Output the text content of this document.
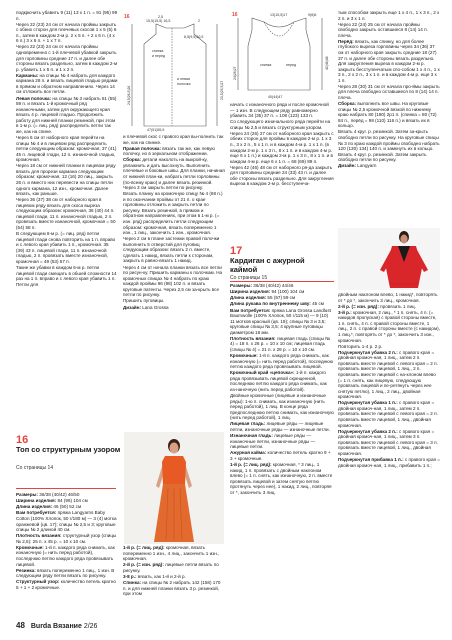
подкрючить убавить 9 (11) 13 х 1 п. = 91 (95) 99 п.

Через 22 (23) 24 см от начала проймы закрыть с обеих сторон для плечевых скосов 1 х 5 (5) 6 п., затем в каждом 2-м р. 2 х 5 п. + 2 х 6 п. (4 х 6 п.) 3 х 6 п. + 1 х 7 п.

Через 22 (23) 24 см от начала проймы одновременно с 1-й плечевой убавкой закрыть для горловины средние 17 п. и далее обе стороны вязать раздельно, затем в каждом 2-м р. убавить 1 х 5 п. и 1 х 2 п.

Карманы: на спицы № 4 набрать для каждого кармана 28 п. и вязать лицевой гладью рядами в прямом и обратном направлениях. Через 14 см отложить все петли.

Левая полочка: на спицы № 3 набрать 51 (55) 59 п. и вязать 1-й кромочный ряд изнаночными, затем для окружающего края вязать 4 р. лицевой гладью. Продолжить работу для нижней планки резинкой, при этом в 1-м р. (= лиц. ряд) распределить петли так же, как на спине.

Через 6 см от наборного края перейти на спицы № 4 и в лицевом ряд распределить петли следующим образом: кромочная, 37 (41) 45 п. лицевой глади, 12 п. изнаночной гладью, кромочная.

Через 18 см от нижней планки в лицевом ряду вязать для прорези кармана следующим образом: кромочная, 12 (16) 20 лиц., закрыть 26 п. и вместо них перевести на спицы петли одного кармана, 12 изн., кромочная. Далее вязать, как раньше.

Через 36 (37) 38 см от наборного края в лицевом ряду вязать для скоса выреза следующим образом: кромочная, 36 (40) 44 п. лицевой глади, 11 п. изнаночной гладью, 2 п. провязать вместе изнаночной, кромочная = 50 (54) 58 п.

В следующем 6-м р. (= лиц. ряд) петли лицевой глади снова повторить на 1 п. вправо и с левого края убавить 1 п., кромочная. 35 (39) 43 п. лицевой глади, 11 п. изнаночной гладью, 2 п. провязать вместе изнаночной, кромочная = 49 (53) 57 п.

Такие же убавки в каждом 6-м р. петли лицевой глади смещать в обшей сложности 14 раз на 1 п. вправо и с левого края убавить 1 п. Петли для

16
спинка
и перед
и левая
полочка
2,5
15,5(15,5) 16,5	2
8,5(9,5)10,5
47(51)55,5
24,5(26,5)26	23,5(25,5)27

и плечевой скос с правого края вы-полнить так же, как на спинке.

Правая полочка: вязать так же, как левую полочку, но в зеркальном отображении.

Сборка: детали наколоть на выкрой-ку, увлажнить и дать высохнуть. Выполнить плечевые и боковые швы. Для планки, начиная от нижней план-ки, набрать петли горловины (по-всему краю) и далее вязать резинкой. Через 3 см закрыть петли по рисунку.

Вязать планку на кромочную спицу № 4 (68 п.) и по окончании проймы от 21 п. о крае горловины отложить и закрыть петли по рисунку. Вязать резинкой, в прямом и обратном направлениях, при этом в 1-м р. (= изн. ряд) распределить петли следующим образом: кромочная, вязать попеременно 1 изн., 1 лиц., закончить 1 изн., кромочная.

Через 2 см в плане застежки правой полочки выполнить 5 отверстий для пуговиц следующим образом: вязать 2 п. вместе, сделать 1 накид, вязать петли к сторонам, закрыть в равно-вязать 1 накид.

Через 4 см от начала планки вязать все петли по рисун-ку. Пришить карманы к полочкам. На кромочных спицах № 4 набрать по краю каждой проймы 96 (98) 102 п. и вязать круговые патенты. Через 2,5 см за-крыть все петли по рисунку.

Пришить пуговицы.

Дизайн: Lana Grossa

16
спинка	перед
13(15,5)17	9(6)6
40(44)47
24(26)27
42(46)48

начать с изнаночного ряда и после кромочной — 1 изн. В следующем ряду равномерно убавить 34 (35) 37 п. = 108 (123) 133 п.

Со следующего изначального ряда перейти на спицы № 2,5 и вязать структурным узором.

Через 24 (26) 27 см от наборного края закрыть с обеих сторон для проймы в каждом 2-м р. 1 х 3 п., 3 х 2 п., 5 х 1 п. и в каждом 4-м р. 1 х 1 п. (в каждом 2-м р. 1 х 3 п., 8 х 1 п. и в каждом 4-м р. еще 6 х 1 п.) и каждом 2-м р. 1 х 3 п., 8 х 1 п. и в каждом 4-м р. еще 6 х 1 п. = 68 (69) 89 п.

Через 42 (46) 48 см от наборного ря-да закрыть для горловины средние 24 (33) 43 п. и далее обе стороны вязать раздельно. Для закругления выреза в каждом 2-м р. бесступенча-

тым способом закрыть еще 1 х 4 п., 1 х 3 п., 2 х 2 п. и 3 х 1 п.

Через 22 (24) 25 см от начала проймы свободно закрыть оставшиеся 8 (14) 14 п. плеча.

Перёд: вязать, как спинку, но для более глубокого выреза горловины через 34 (36) 37 см от наборного края закрыть средние 18 (27) 37 п. и далее обе стороны вязать раздельно. Для закругления выреза в каждом 2-м р. закрыть бесступенчатым спо-собом 1 х 4 п., 1 х 3 п., 2 х 2 п., 3 х 1 п. и в каждом 4-м р. еще 3 х 1 п.

Через 28 (30) 31 см от начала про-ймы закрыть для плеча свободно оставшиеся по 8 (14) 14 п. плеча.

Сборка: выполнить все швы. На круговые спицы № 2,5 кромочной вязкой по нижнему краю набрать 80 (180) 2р1 п. (спинка = 80 (72) 84 п., перёд = 98 (110) 116 п.) и вязать их в кольцо.

Вязать 4 круг. р. резинкой. Затем за-крыть свободно петли по рисунку. На круговые спицы № 3 по краю каждой проймы свободно набрать 120 (130) 134) 140 п. и замкнуть их в кольцо. Вязать 4 круг. р. резинкой. Затем закрыть свободно петли по рисунку.

Дизайн: Langyarn

16
Топ со структурным узором
Со страницы 14

Размеры: 36/38 (40/42) 46/50

Ширина изделия: 84 (96) 104 см

Длина изделия: 46 (50) 52 см

Вам потребуется: пряжа Langyarns Baby Cotton (100% Хлопок, 50 г/180 м) — 3 (4) мотка оранжевой (цв. 17); спицы № 2,5 и 3; круговые спицы № 2 длиной 40 см.

Плотность вязания: структурный узор (спицы № 2,5): 25 п. х 45 р. = 10 х 10 см.

Кромочные: 1-й п. каждого ряда снимать, как изнаночную (= нить перед работой), последнюю петлю каждого ряда провязывать лицевой.

Резинка: вязать попеременно 1 лиц., 1 изн. В следующем ряду петли вязать по рисунку.

Структурный узор: количество петель кратно 5 + 1 + 2 кромочные.

1-й р. (= лиц. ряд): кромочная, вязать попеременно 1 изн., 4 лиц., закончить 1 изн., кромочная.

2-й р. (= изн. ряд): лицевые петли вязать по рисунку.

3-8 р.: вязать, как 1-й и 2-й р.

Спинка: на спицы № 2 набрать 142 (158) 170 п. и для нижней планки вязать 3 р. резинкой, при этом

17
Кардиган с ажурной каймой
Со страницы 15

Размеры: 36/38 (40/42) 44/46

Ширина изделия: 94 (100) 104 см

Длина изделия: 55 (57) 59 см

Длина рукава по внутреннему шву: 45 см

Вам потребуется: пряжа Lana Grossa Landlust Baumwolle (100% Хлопок, 50 г/115 м) — 9 (10) 11 мотков красный (цв. 19); спицы № 3 и 3,5; круговые спицы № 3,5; 4 крупные пуговицы диаметром 18 мм.

Плотность вязания: лицевая гладь (спицы № 4) = 18 п. х 26 р. = 10 х 10 см; лицевая гладь (спицы № 4) = 21 п. х 28 р. = 10 х 10 см.

Кромочные: 1-й п. каждого ряда снимать, как изнаночную (= нить перед работой), последнюю петлю каждого ряда провязывать лицевой.

Кромочный край «цепочка»: 1-й п. каждого ряда провязывать лицевой скрещенной, последнюю петлю каждого ряда снимать, как из-наночную (нить перед работой).

Двойные кромочные (лицевые и изнаночные ряды): 1-ю п. снимать, как изнаночную (нить перед работой), 1 лиц. В конце ряда предпоследнюю петлю снимать, как изнаночную (нить перед работой), 1 лиц.

Лицевая гладь: лицевые ряды — лицевые петли, изнаночные ряды — изнаночные петли.

Изнаночная гладь: лицевые ряды — изнаночные петли, изнаночные ряды — лицевые петли.

Ажурная кайма: количество петель кратно 9 + 3 + кромочные.

1-й р. (= лиц. ряд): кромочная, * 3 лиц., 1 накид, 1 п. провязать с двойным наклоном влево (= 1 п. снять, как изнаночную, 2 п. вместе провязать лицевой и затем снятую петлю протянуть через нее), 1 накид, 2 лиц., повторяя от *, закончить 3 лиц.

двойным наклоном влево, 1 накид*, повторять от * до *, закончить 3 лиц., кромочная.

2-й р. (= изн. ряд): провязать 1 лиц.

3-й р.: кромочная, 2 лиц., * 1 п. снять, 4 п. (= накидов пропуская) с правой стороны вместе, 1 п. снять, 4 п. с правой стороны вместе, 1 лиц., 2 п. с правой стороны вместе (с накидом), 1 лиц.*, повторять от * до *, закончить 3 изн., кромочная.

Повторить 1-4 р. 2 р.

Подчеркнутая убавка 2 п.: с правого края = двойная кромоч-ная, 1 лиц., затем 2 п. провязать вместе лицевой с левого края = 2 п. провязать вместе лицевой, 1 лиц., 2 п. провязать вместе лицевой с на-клоном влево (= 1 п. снять, как лицевую, следующую провязать лицевой и пе-ретянуть через нее снятую петлю), 1 лиц., 2 лиц., двойная кромочная.

Подчеркнутая убавка 1 п.: с правого края = двойная кромоч-ная, 1 лиц., затем 2 п. провязать вместе лицевой с левого края = 2 п. провязать вместе лицевой, 1 лиц., двойная кромочная.

Подчеркнутая убавка 2 п.: с правого края = двойная кромоч-ная, 1 лиц., затем 3 п. провязать вместе лицевой с левого края = 3 п. провязать вместе лицевой, 1 лиц., двойная кромочная.

Подчеркнутая прибавка 1 п.: с правого края = двойная кромоч-ная, 1 лиц., прибавить 1 п.;

48 Burda Вязание 2/26
